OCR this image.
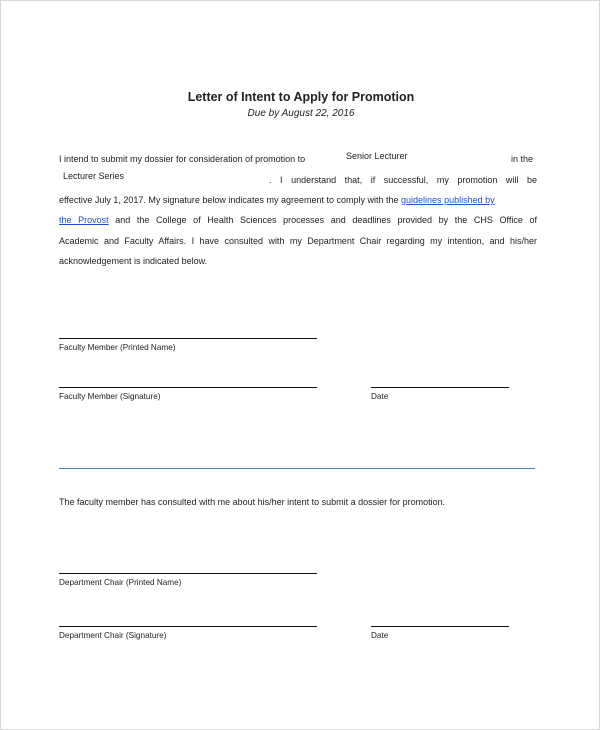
Letter of Intent to Apply for Promotion
Due by August 22, 2016
I intend to submit my dossier for consideration of promotion to	Senior Lecturer	in the
Lecturer Series	. I understand that, if successful, my promotion will be
effective July 1, 2017. My signature below indicates my agreement to comply with the guidelines published by
the Provost and the College of Health Sciences processes and deadlines provided by the CHS Office of
Academic and Faculty Affairs. I have consulted with my Department Chair regarding my intention, and his/her
acknowledgement is indicated below.
Faculty Member (Printed Name)
Faculty Member (Signature)	Date
The faculty member has consulted with me about his/her intent to submit a dossier for promotion.
Department Chair (Printed Name)
Department Chair (Signature)	Date
